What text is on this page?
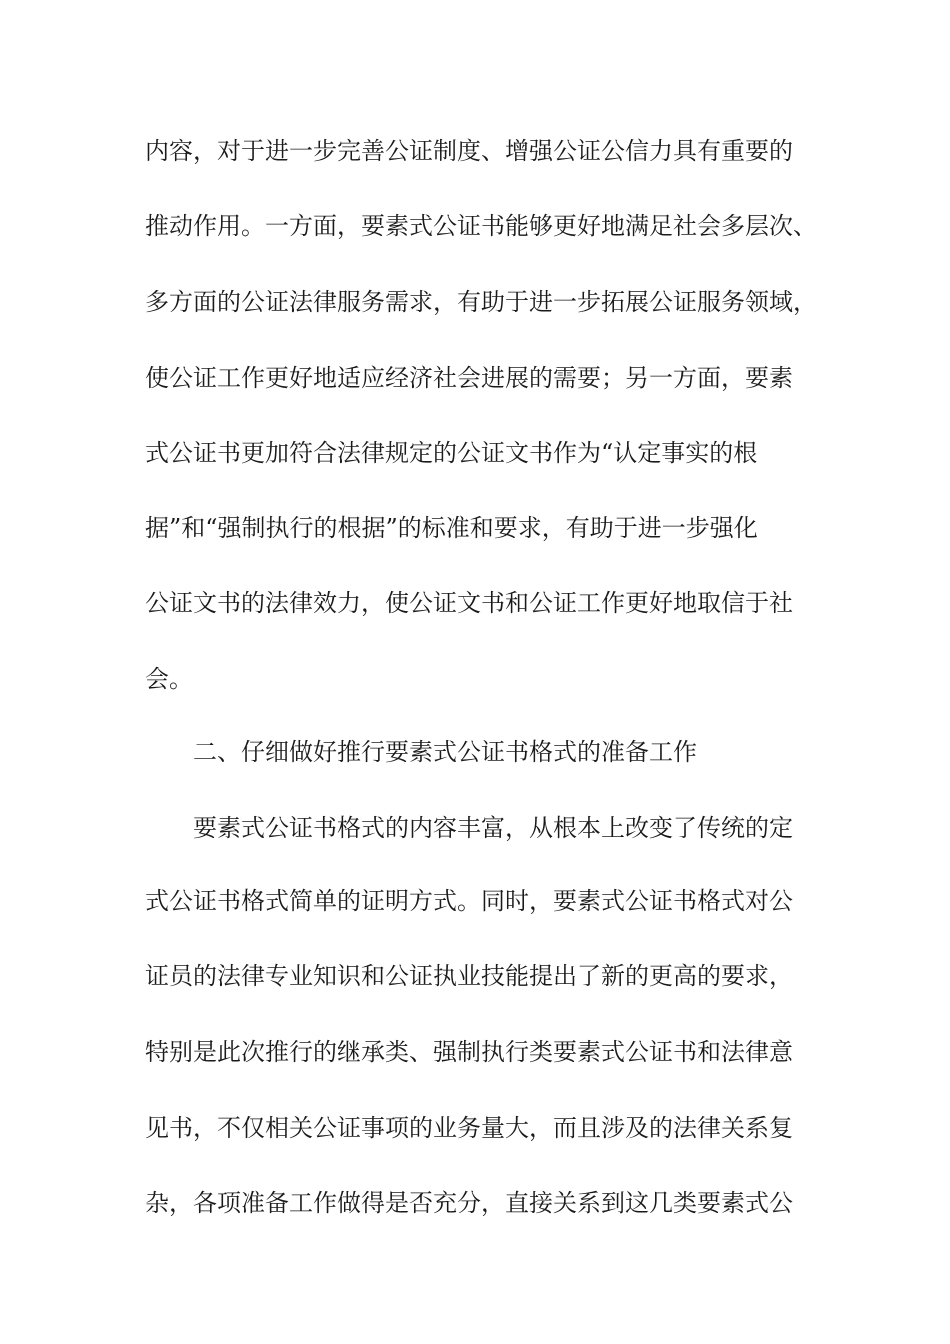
内容，对于进一步完善公证制度、增强公证公信力具有重要的
推动作用。一方面，要素式公证书能够更好地满足社会多层次、
多方面的公证法律服务需求，有助于进一步拓展公证服务领域，
使公证工作更好地适应经济社会进展的需要；另一方面，要素
式公证书更加符合法律规定的公证文书作为“认定事实的根
据”和“强制执行的根据”的标准和要求，有助于进一步强化
公证文书的法律效力，使公证文书和公证工作更好地取信于社
会。
二、仔细做好推行要素式公证书格式的准备工作
要素式公证书格式的内容丰富，从根本上改变了传统的定
式公证书格式简单的证明方式。同时，要素式公证书格式对公
证员的法律专业知识和公证执业技能提出了新的更高的要求，
特别是此次推行的继承类、强制执行类要素式公证书和法律意
见书，不仅相关公证事项的业务量大，而且涉及的法律关系复
杂，各项准备工作做得是否充分，直接关系到这几类要素式公
